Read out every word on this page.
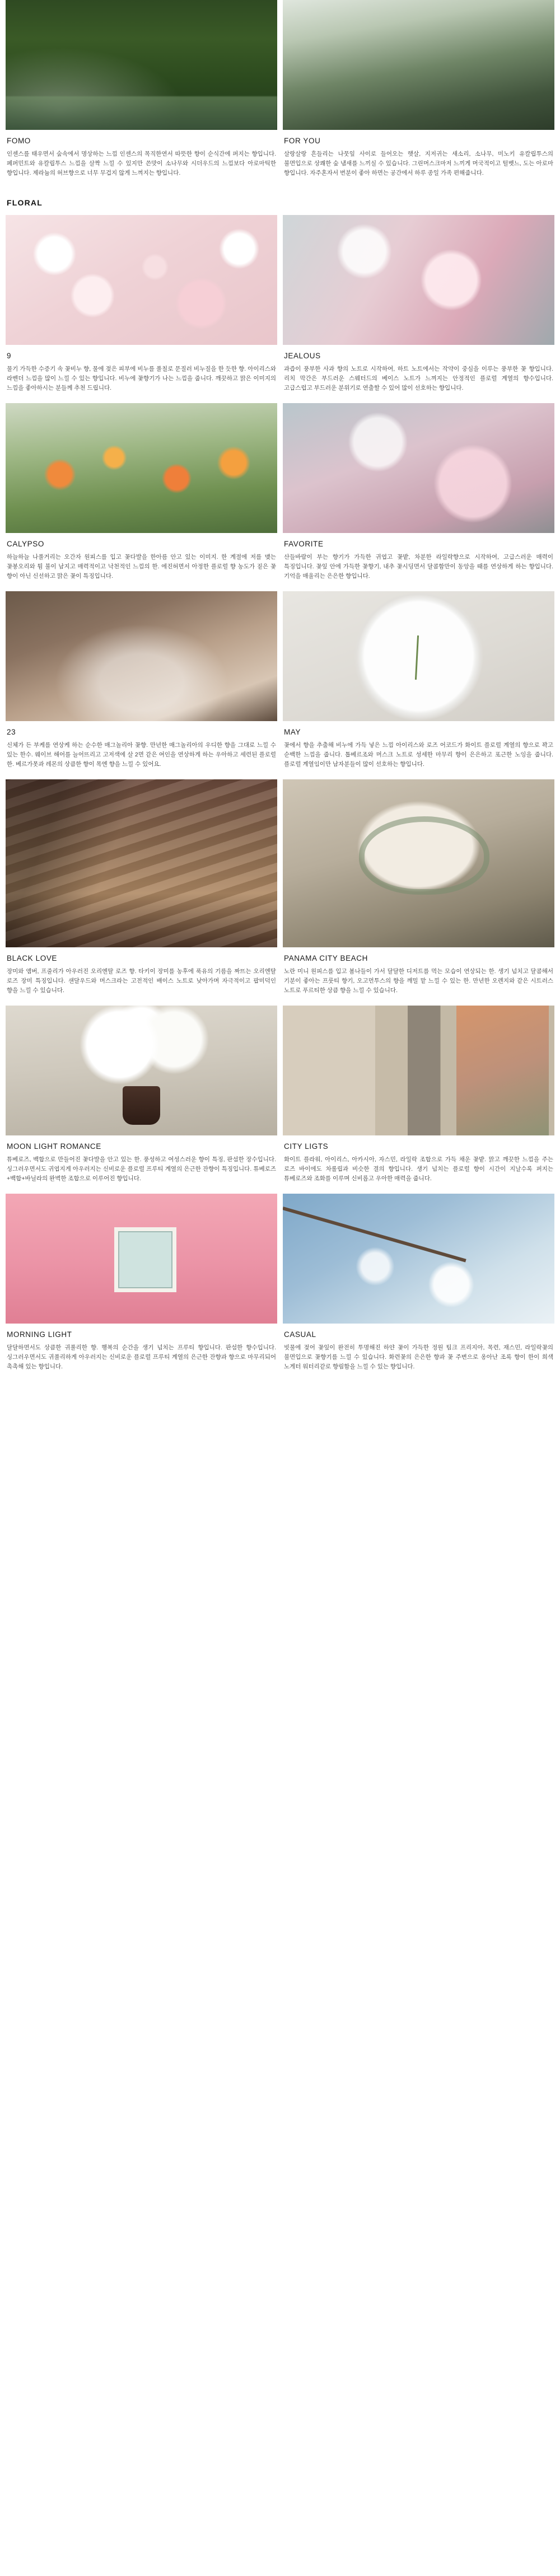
FOMO
인센스를 태우면서 숲속에서 명상하는 느낌 인센스의 목직한연서 따뜻한 향이 순식간에 퍼지는 향입니다. 페퍼민트와 유칼립투스 느낌을 살짝 느낄 수 있지만 쓴맛이 소나무와 시더우드의 느낌보다 아로마틱한 향입니다. 제라늄의 허브향으로 너무 무겁지 않게 느껴지는 향입니다.
FOR YOU
살랑살랑 흔들리는 나뭇잎 사이로 들어오는 햇살, 지저귀는 새소리, 소나무, 미노키 유칼립투스의 불면입으로 상쾌한 숲 냄새를 느끼실 수 있습니다. 그린머스크마저 느끼게 머국적이고 털벳느, 도는 아로마 향입니다. 자주혼자서 번분이 좋아 하면는 공간에서 하루 종일 가족 편해줍니다.
FLORAL
9
물기 가득한 수증기 속 꽃비누 향, 물에 젖은 피부에 비누를 풀칠로 문질러 비누질을 한 듯한 향. 아이리스와 라벤더 느낌을 많이 느낄 수 있는 향입니다. 비누에 꽃향기가 나는 느낌을 줍니다. 깨끗하고 맑은 이미지의 느낌을 좋아하시는 분들께 추천 드립니다.
JEALOUS
과즙이 풍부한 사과 향의 노트로 시작하여, 하트 노트에서는 작약이 중심을 이루는 풍부한 꽃 향입니다. 리치 막간은 부드러운 스웨터드의 베이스 노트가 느껴지는 안정적인 플로럴 계열의 향수입니다. 고급스럽고 부드러운 분위기로 연출할 수 있어 많이 선호하는 향입니다.
CALYPSO
하늘하늘 나풀거리는 오간자 원피스를 입고 꽃다발을 한아름 안고 있는 이미지. 한 계절에 저를 맺는 꽃봉오리와 튐 불이 남지고 매력적이고 낙천적인 느낌의 한. 에진허면서 아정한 플로럴 향 농도가 짙은 꽃 향이 아닌 신선하고 맑은 꽃이 특징입니다.
FAVORITE
산들바람이 부는 향기가 가득한 귀엽고 꽃밭, 차분한 라일락향으로 시작하여, 고급스러운 매력이 특징입니다. 꽃잎 안에 가득한 꽃향기, 내추 꽃시딩면서 달콤함만이 동앙을 때를 연상하게 하는 향입니다. 기억을 매울리는 은은한 향입니다.
23
신체가 든 부케를 연상케 하는 순수한 매그놀리아 꽃향. 만년한 매그놀리아의 우디한 향을 그대로 느낄 수 있는 한수. 웨이브 해어를 늘어뜨리고 고저색에 살 2면 같은 여인을 연상하게 하는 우아하고 세련된 플로럴 한. 베르가못과 레몬의 상큼한 향이 목엔 향을 느낄 수 있어요.
MAY
꽃에서 향을 추출해 비누에 가득 넣은 느낌 아이리스와 로즈 어코드가 화이트 플로럴 계열의 향으로 꽉고 순백한 느낌을 줍니다. 톱베르조와 머스크 노트로 성세한 마무리 향이 은은하고 포근한 노잉을 줍니다. 플로럴 계열임이만 남자분들이 많이 선호하는 향입니다.
BLACK LOVE
장미와 앰버, 프줄리가 아우러진 오리엔탈 로즈 향. 타키이 장미를 농후에 푹유의 기름을 짜뜨는 오리엔탈 로즈 장미 특징입니다. 샌달우드와 머스크라는 고전적인 배이스 노트로 낮아가며 자극적이고 팝미덕인 향을 느낄 수 있습니다.
PANAMA CITY BEACH
노란 미니 원피스를 입고 봄나들이 가서 달달한 디저트를 먹는 모습이 연상되는 한. 생기 넘치고 달콤해서 기분이 좋아는 프룻티 향기, 오고먼투스의 향을 깨밀 맡 느낄 수 있는 한. 만년한 오렌지와 같은 시트러스 노트로 푸르티한 상큼 향을 느낄 수 있습니다.
MOON LIGHT ROMANCE
튜베로즈, 백합으로 만들어진 꽃다발을 안고 있는 한. 풍성하고 여성스러운 향이 특징, 판섬한 장수입니다. 싱그러우면서도 귀엽지게 아우러지는 신비로운 플로럴 프루티 계열의 은근한 잔향이 특징입니다. 튜베로즈+백합+바닐라의 완벽한 조합으로 이루어진 향입니다.
CITY LIGTS
화이트 플라워, 아이리스, 아카시아, 자스민, 라일락 조합으로 가득 채운 꽃밭. 맑고 깨끗한 느낌을 주는 로즈 바이에도 차롤립과 비슷한 결의 향입니다. 생기 넘치는 플로럴 향이 시간이 지날수록 퍼지는 튜베로즈와 조화를 이루며 신비롭고 우아한 매력을 줍니다.
MORNING LIGHT
달달하면서도 상큼한 귀풀리한 향. 행복의 순간을 생기 넘치는 프루티 향입니다. 판섬한 향수입니다. 싱그러우면서도 귀풀리하게 아우러지는 신비로운 플로럴 프루티 계열의 은근한 잔향과 향으로 마무리되어 촉촉해 있는 향입니다.
CASUAL
빗물에 젖어 꽃잎이 완전히 투명해진 하얀 꽃이 가득한 정원 팀크 프리지아, 목련, 재스민, 라일락꽃의 불면입으로 꽃향기를 느낄 수 있습니다. 화련꽃의 은은한 향과 꽃 주변으로 옹아난 조록 향이 한이 희색 노게터 워터리같로 향림함을 느낄 수 있는 향입니다.
